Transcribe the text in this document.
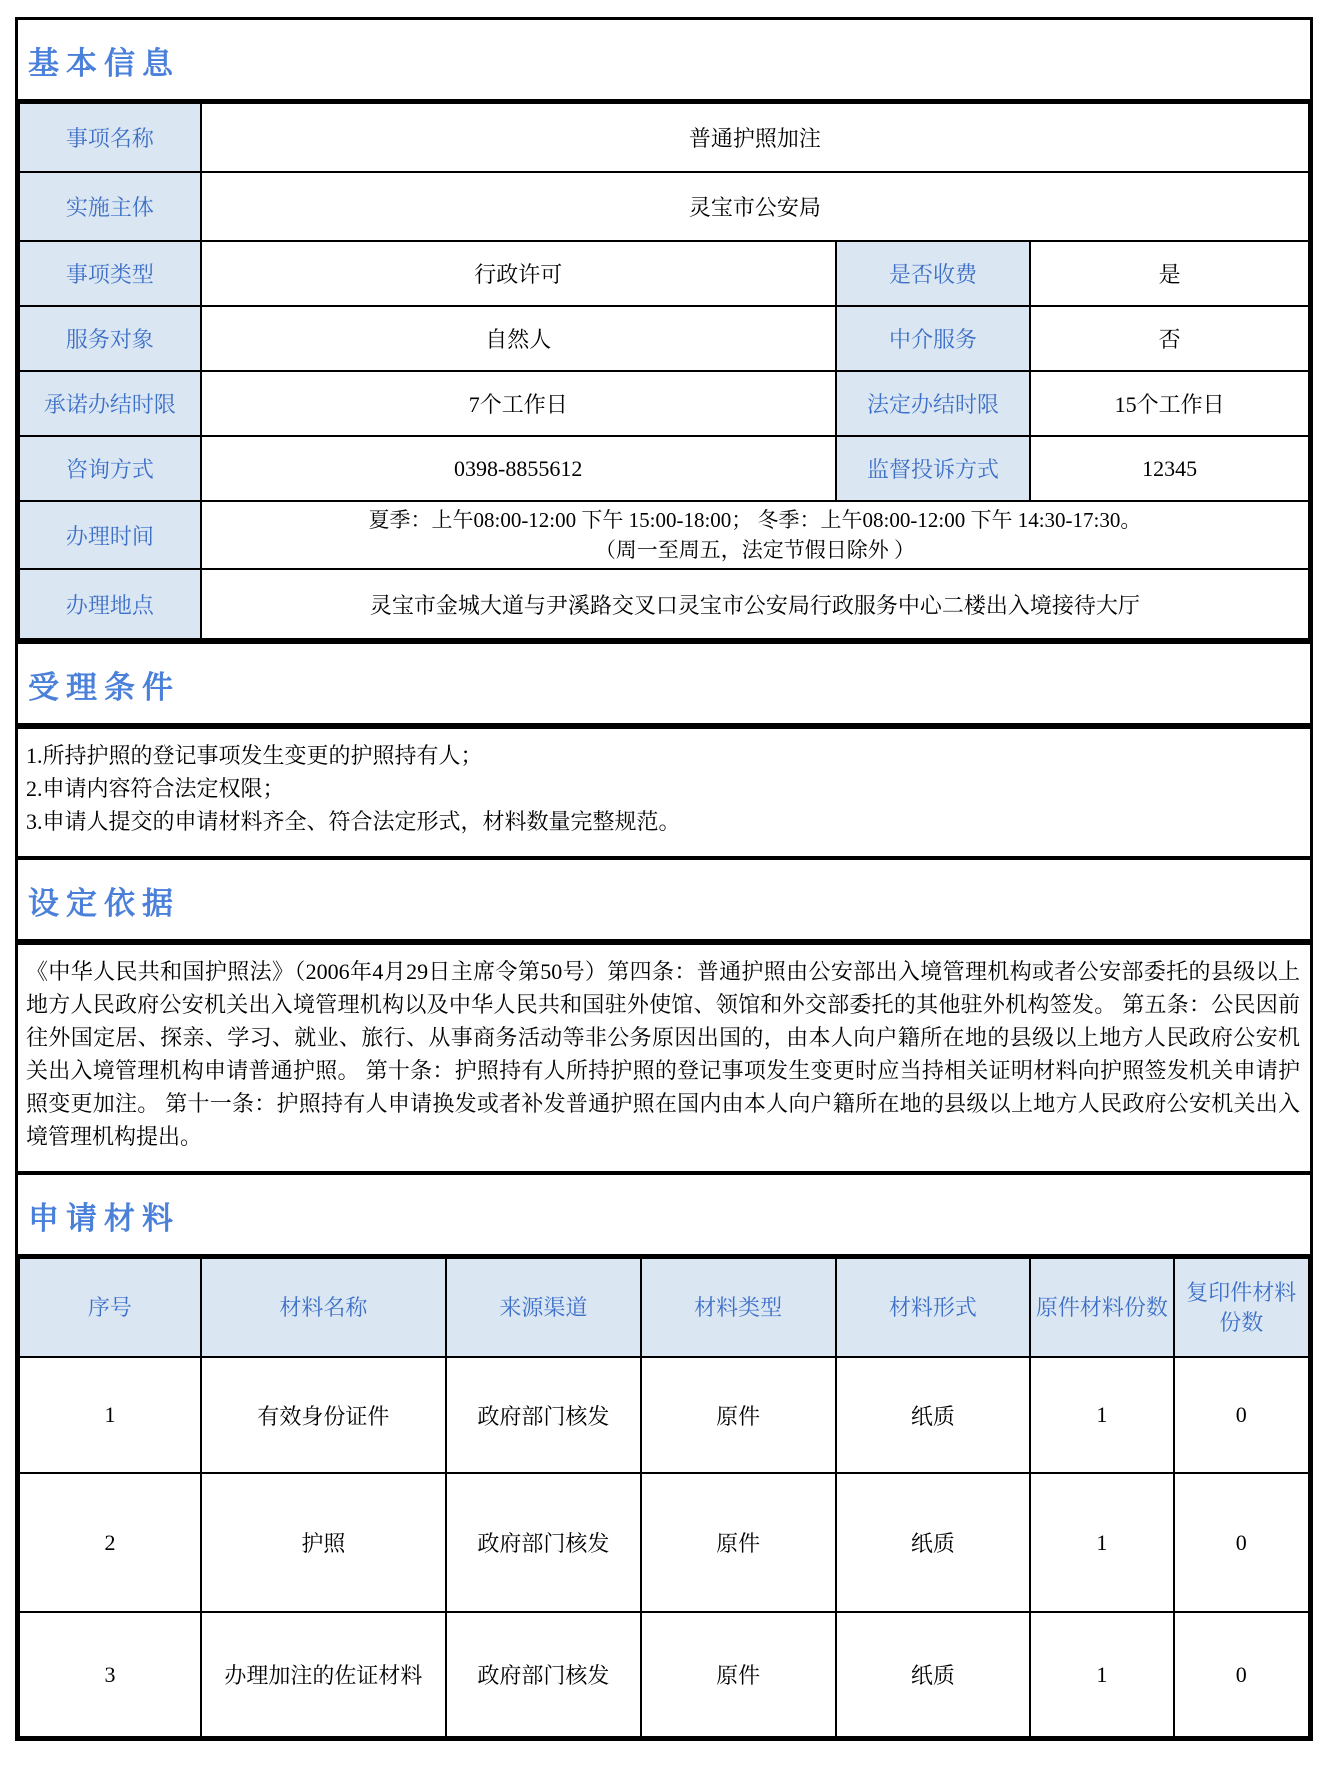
基本信息
事项名称	普通护照加注		
实施主体	灵宝市公安局		
事项类型	行政许可	是否收费	是
服务对象	自然人	中介服务	否
承诺办结时限	7个工作日	法定办结时限	15个工作日
咨询方式	0398-8855612	监督投诉方式	12345
办理时间	夏季：上午08:00-12:00 下午 15:00-18:00； 冬季：上午08:00-12:00 下午 14:30-17:30。
（周一至周五，法定节假日除外 ）		

办理地点	灵宝市金城大道与尹溪路交叉口灵宝市公安局行政服务中心二楼出入境接待大厅		
受理条件
1.所持护照的登记事项发生变更的护照持有人；
2.申请内容符合法定权限；
3.申请人提交的申请材料齐全、符合法定形式，材料数量完整规范。
设定依据
《中华人民共和国护照法》（2006年4月29日主席令第50号）第四条：普通护照由公安部出入境管理机构或者公安部委托的县级以上地方人民政府公安机关出入境管理机构以及中华人民共和国驻外使馆、领馆和外交部委托的其他驻外机构签发。 第五条：公民因前往外国定居、探亲、学习、就业、旅行、从事商务活动等非公务原因出国的，由本人向户籍所在地的县级以上地方人民政府公安机关出入境管理机构申请普通护照。 第十条：护照持有人所持护照的登记事项发生变更时应当持相关证明材料向护照签发机关申请护照变更加注。 第十一条：护照持有人申请换发或者补发普通护照在国内由本人向户籍所在地的县级以上地方人民政府公安机关出入境管理机构提出。
申请材料
序号	材料名称	来源渠道	材料类型	材料形式	原件材料份数	复印件材料份数
1	有效身份证件	政府部门核发	原件	纸质	1	0
2	护照	政府部门核发	原件	纸质	1	0
3	办理加注的佐证材料	政府部门核发	原件	纸质	1	0
